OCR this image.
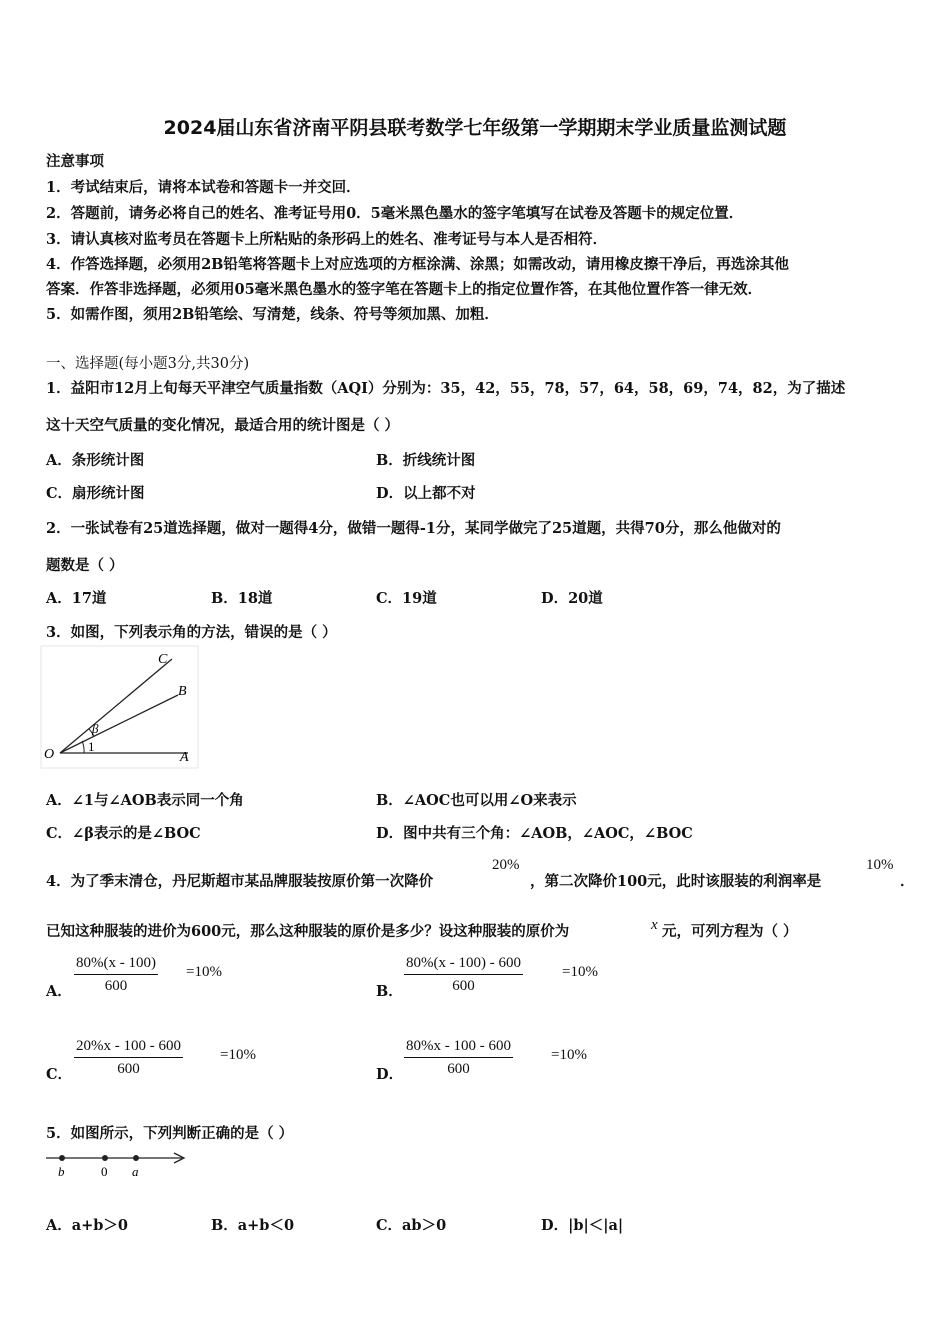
2024届山东省济南平阴县联考数学七年级第一学期期末学业质量监测试题
注意事项
1．考试结束后，请将本试卷和答题卡一并交回．
2．答题前，请务必将自己的姓名、准考证号用0．5毫米黑色墨水的签字笔填写在试卷及答题卡的规定位置．
3．请认真核对监考员在答题卡上所粘贴的条形码上的姓名、准考证号与本人是否相符．
4．作答选择题，必须用2B铅笔将答题卡上对应选项的方框涂满、涂黑；如需改动，请用橡皮擦干净后，再选涂其他
答案．作答非选择题，必须用05毫米黑色墨水的签字笔在答题卡上的指定位置作答，在其他位置作答一律无效．
5．如需作图，须用2B铅笔绘、写清楚，线条、符号等须加黑、加粗．
一、选择题(每小题3分,共30分)
1．益阳市12月上旬每天平津空气质量指数（AQI）分别为：35，42，55，78，57，64，58，69，74，82，为了描述
这十天空气质量的变化情况，最适合用的统计图是（ ）
A．条形统计图	B．折线统计图
C．扇形统计图	D．以上都不对
2．一张试卷有25道选择题，做对一题得4分，做错一题得-1分，某同学做完了25道题，共得70分，那么他做对的
题数是（ ）
A．17道	B．18道	C．19道	D．20道
3．如图，下列表示角的方法，错误的是（ ）
O	A
B
C
β
1
A．∠1与∠AOB表示同一个角	B．∠AOC也可以用∠O来表示
C．∠β表示的是∠BOC	D．图中共有三个角：∠AOB，∠AOC，∠BOC
4．为了季末清仓，丹尼斯超市某品牌服装按原价第一次降价
20%
，第二次降价100元，此时该服装的利润率是
10%
．
已知这种服装的进价为600元，那么这种服装的原价是多少？设这种服装的原价为	x 元，可列方程为（ ）
A． $\frac{80\%(x - 100)}{600} =10\%$
B． $\frac{80\%(x - 100) - 600}{600}$	=10%
C． $\frac{20\%x - 100 - 600}{600} =10\%$
D． $\frac{80\%x - 100 - 600}{600}$	=10%
5．如图所示，下列判断正确的是（ ）
b	0 a
A．a+b＞0	B．a+b＜0	C．ab＞0	D．|b|＜|a|
